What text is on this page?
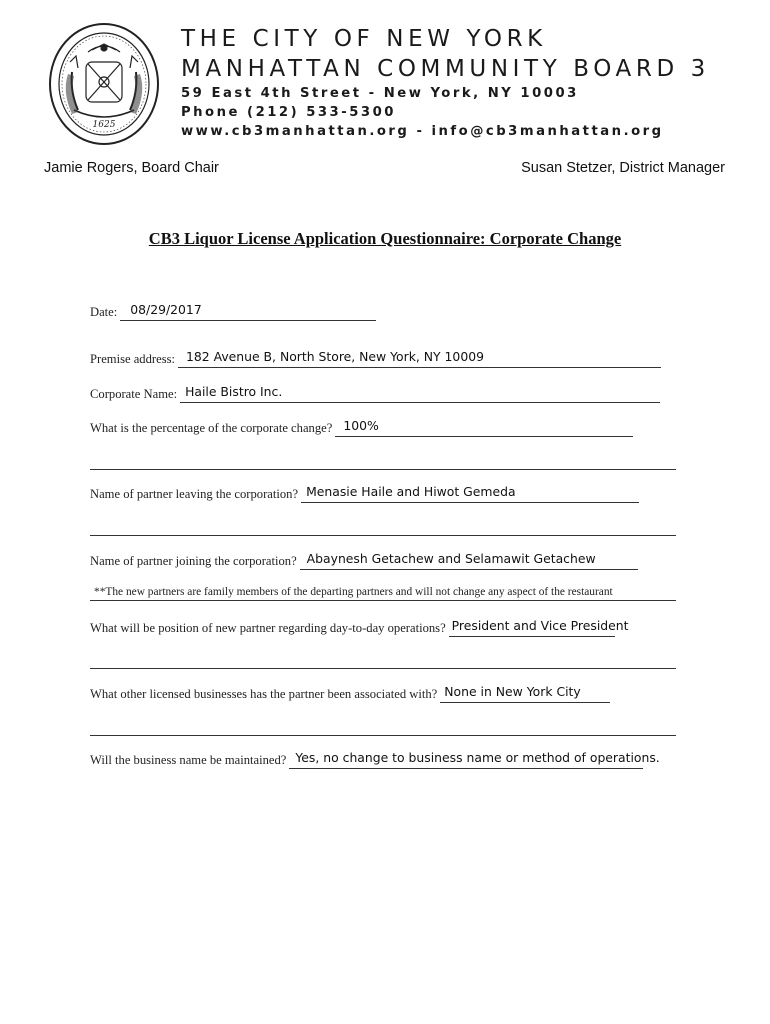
1625
THE CITY OF NEW YORK
MANHATTAN COMMUNITY BOARD 3
59 East 4th Street - New York, NY 10003
Phone (212) 533-5300
www.cb3manhattan.org - info@cb3manhattan.org
Jamie Rogers, Board Chair	Susan Stetzer, District Manager
CB3 Liquor License Application Questionnaire: Corporate Change
Date: 08/29/2017
Premise address: 182 Avenue B, North Store, New York, NY 10009
Corporate Name: Haile Bistro Inc.
What is the percentage of the corporate change? 100%
Name of partner leaving the corporation? Menasie Haile and Hiwot Gemeda
Name of partner joining the corporation? Abaynesh Getachew and Selamawit Getachew
**The new partners are family members of the departing partners and will not change any aspect of the restaurant
What will be position of new partner regarding day-to-day operations? President and Vice President
What other licensed businesses has the partner been associated with? None in New York City
Will the business name be maintained? Yes, no change to business name or method of operations.
